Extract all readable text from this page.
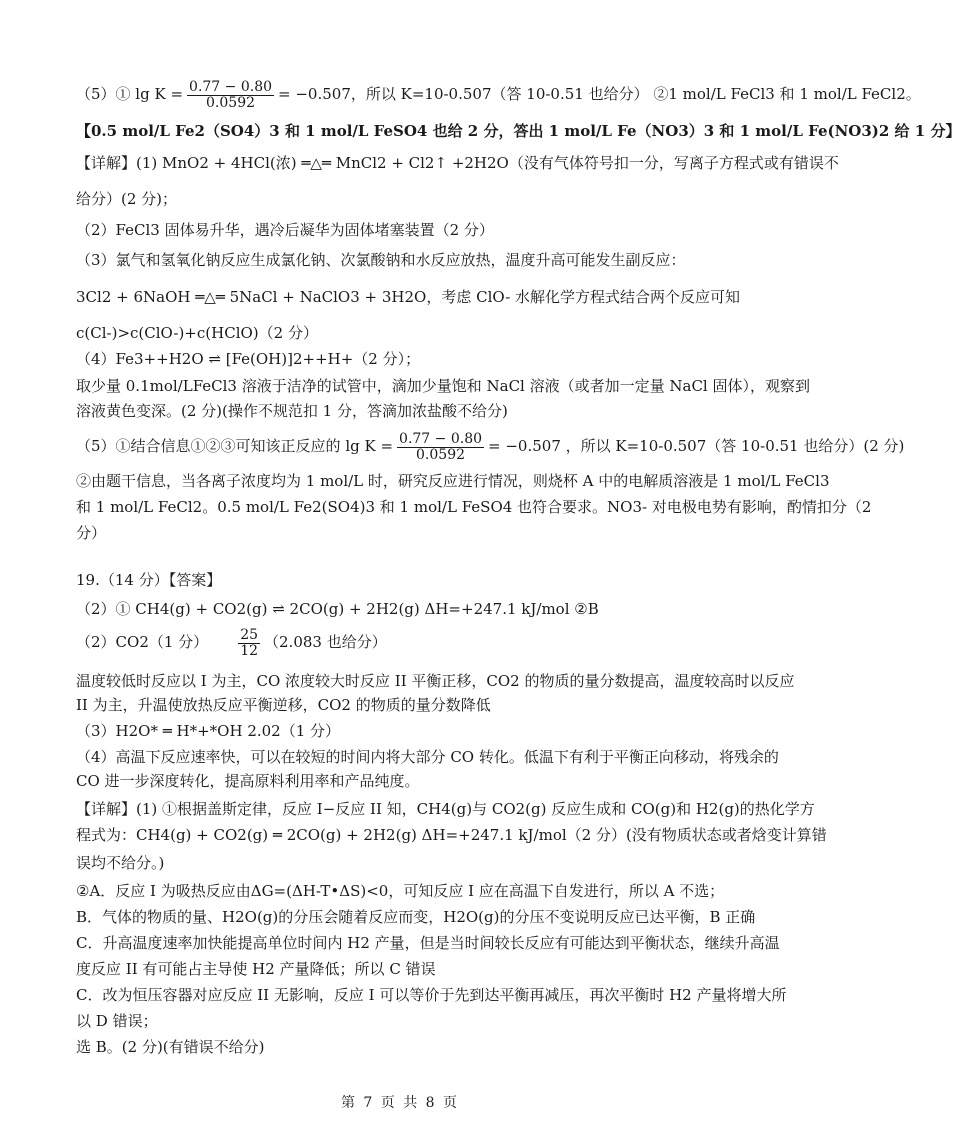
（5）① $\lg K = \frac{0.77 - 0.80}{0.0592} = -0.507$，所以 K=10-0.507（答 10-0.51 也给分） ②1 mol/L FeCl3 和 1 mol/L FeCl2。
【0.5 mol/L Fe2（SO4）3 和 1 mol/L FeSO4 也给 2 分，答出 1 mol/L Fe（NO3）3 和 1 mol/L Fe(NO3)2 给 1 分】
【详解】(1) MnO2 + 4HCl(浓) ═△═ MnCl2 + Cl2↑ +2H2O（没有气体符号扣一分，写离子方程式或有错误不
给分）(2 分)；
（2）FeCl3 固体易升华，遇冷后凝华为固体堵塞装置（2 分）
（3）氯气和氢氧化钠反应生成氯化钠、次氯酸钠和水反应放热，温度升高可能发生副反应：
3Cl2 + 6NaOH ═△═ 5NaCl + NaClO3 + 3H2O，考虑 ClO- 水解化学方程式结合两个反应可知
c(Cl-)>c(ClO-)+c(HClO)（2 分）
（4）Fe3++H2O ⇌ [Fe(OH)]2++H+（2 分）；
取少量 0.1mol/LFeCl3 溶液于洁净的试管中，滴加少量饱和 NaCl 溶液（或者加一定量 NaCl 固体），观察到
溶液黄色变深。(2 分)(操作不规范扣 1 分，答滴加浓盐酸不给分)
（5）①结合信息①②③可知该正反应的 $\lg K = \frac{0.77 - 0.80}{0.0592} = -0.507$ ，所以 K=10-0.507（答 10-0.51 也给分）(2 分)
②由题干信息，当各离子浓度均为 1 mol/L 时，研究反应进行情况，则烧杯 A 中的电解质溶液是 1 mol/L FeCl3
和 1 mol/L FeCl2。0.5 mol/L Fe2(SO4)3 和 1 mol/L FeSO4 也符合要求。NO3- 对电极电势有影响，酌情扣分（2
分）
19.（14 分）【答案】
（2）① CH4(g) + CO2(g) ⇌ 2CO(g) + 2H2(g) ΔH=+247.1 kJ/mol ②B
（2）CO2（1 分） $\frac{25}{12} (2.083$ 也给分）
温度较低时反应以 I 为主，CO 浓度较大时反应 II 平衡正移，CO2 的物质的量分数提高，温度较高时以反应
II 为主，升温使放热反应平衡逆移，CO2 的物质的量分数降低
（3）H2O* ═ H*+*OH 2.02（1 分）
（4）高温下反应速率快，可以在较短的时间内将大部分 CO 转化。低温下有利于平衡正向移动，将残余的
CO 进一步深度转化，提高原料利用率和产品纯度。
【详解】(1) ①根据盖斯定律，反应 I−反应 II 知，CH4(g)与 CO2(g) 反应生成和 CO(g)和 H2(g)的热化学方
程式为：CH4(g) + CO2(g) ═ 2CO(g) + 2H2(g) ΔH=+247.1 kJ/mol（2 分）(没有物质状态或者焓变计算错
误均不给分。)
②A．反应 I 为吸热反应由ΔG=(ΔH-T•ΔS)<0，可知反应 I 应在高温下自发进行，所以 A 不选；
B．气体的物质的量、H2O(g)的分压会随着反应而变，H2O(g)的分压不变说明反应已达平衡，B 正确
C．升高温度速率加快能提高单位时间内 H2 产量，但是当时间较长反应有可能达到平衡状态，继续升高温
度反应 II 有可能占主导使 H2 产量降低；所以 C 错误
C．改为恒压容器对应反应 II 无影响，反应 I 可以等价于先到达平衡再减压，再次平衡时 H2 产量将增大所
以 D 错误；
选 B。(2 分)(有错误不给分)
第 7 页 共 8 页
